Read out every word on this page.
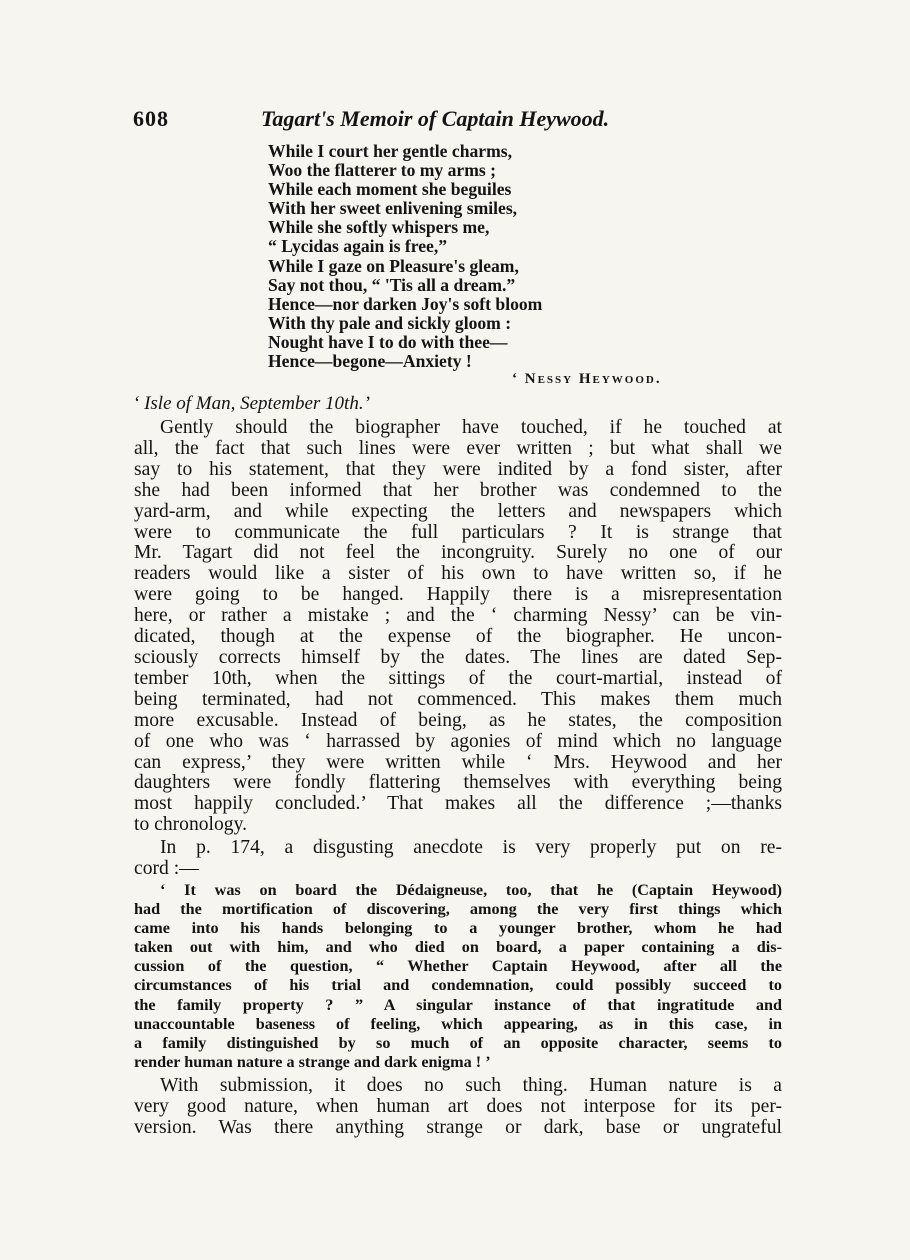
608	Tagart's Memoir of Captain Heywood.
While I court her gentle charms,
Woo the flatterer to my arms ;
While each moment she beguiles
With her sweet enlivening smiles,
While she softly whispers me,
“ Lycidas again is free,”
While I gaze on Pleasure's gleam,
Say not thou, “ 'Tis all a dream.”
Hence—nor darken Joy's soft bloom
With thy pale and sickly gloom :
Nought have I to do with thee—
Hence—begone—Anxiety !
‘ Nessy Heywood.
‘ Isle of Man, September 10th.’
Gently should the biographer have touched, if he touched at
all, the fact that such lines were ever written ; but what shall we
say to his statement, that they were indited by a fond sister, after
she had been informed that her brother was condemned to the
yard-arm, and while expecting the letters and newspapers which
were to communicate the full particulars ? It is strange that
Mr. Tagart did not feel the incongruity. Surely no one of our
readers would like a sister of his own to have written so, if he
were going to be hanged. Happily there is a misrepresentation
here, or rather a mistake ; and the ‘ charming Nessy’ can be vin-
dicated, though at the expense of the biographer. He uncon-
sciously corrects himself by the dates. The lines are dated Sep-
tember 10th, when the sittings of the court-martial, instead of
being terminated, had not commenced. This makes them much
more excusable. Instead of being, as he states, the composition
of one who was ‘ harrassed by agonies of mind which no language
can express,’ they were written while ‘ Mrs. Heywood and her
daughters were fondly flattering themselves with everything being
most happily concluded.’ That makes all the difference ;—thanks
to chronology.
In p. 174, a disgusting anecdote is very properly put on re-
cord :—
‘ It was on board the Dédaigneuse, too, that he (Captain Heywood)
had the mortification of discovering, among the very first things which
came into his hands belonging to a younger brother, whom he had
taken out with him, and who died on board, a paper containing a dis-
cussion of the question, “ Whether Captain Heywood, after all the
circumstances of his trial and condemnation, could possibly succeed to
the family property ? ” A singular instance of that ingratitude and
unaccountable baseness of feeling, which appearing, as in this case, in
a family distinguished by so much of an opposite character, seems to
render human nature a strange and dark enigma ! ’
With submission, it does no such thing. Human nature is a
very good nature, when human art does not interpose for its per-
version. Was there anything strange or dark, base or ungrateful
